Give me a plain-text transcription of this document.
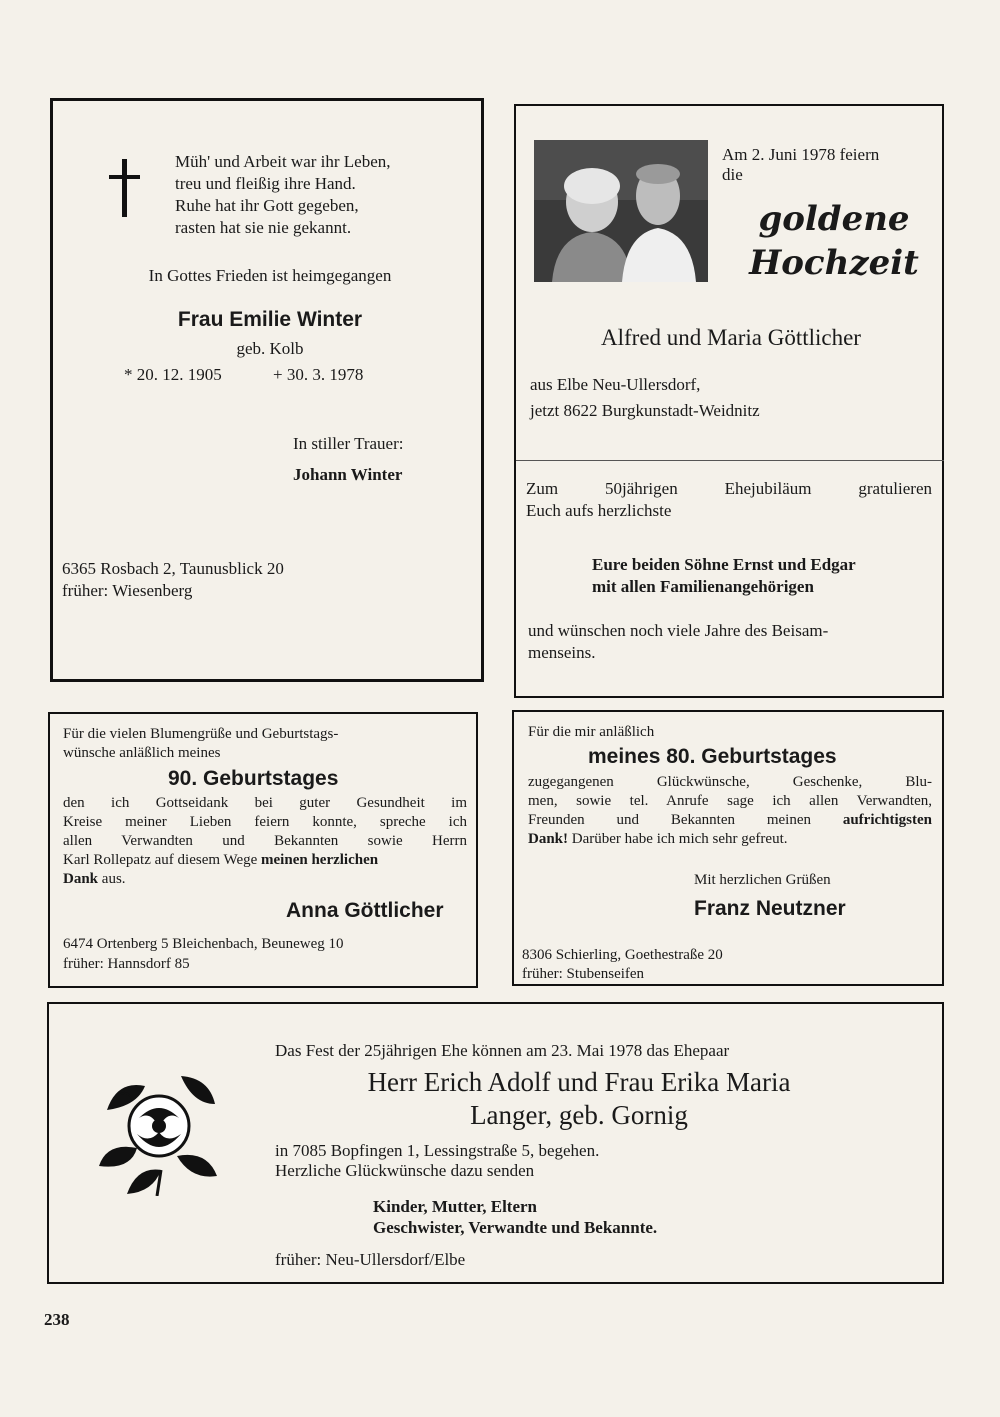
Müh' und Arbeit war ihr Leben,
treu und fleißig ihre Hand.
Ruhe hat ihr Gott gegeben,
rasten hat sie nie gekannt.
In Gottes Frieden ist heimgegangen
Frau Emilie Winter
geb. Kolb
* 20. 12. 1905	+ 30. 3. 1978
In stiller Trauer:
Johann Winter
6365 Rosbach 2, Taunusblick 20
früher: Wiesenberg
Am 2. Juni 1978 feiern
die
goldene
Hochzeit
Alfred und Maria Göttlicher
aus Elbe Neu-Ullersdorf,
jetzt 8622 Burgkunstadt-Weidnitz
Zum 50jährigen Ehejubiläum gratulieren
Euch aufs herzlichste
Eure beiden Söhne Ernst und Edgar
mit allen Familienangehörigen
und wünschen noch viele Jahre des Beisam-
menseins.
Für die vielen Blumengrüße und Geburtstags-
wünsche anläßlich meines
90. Geburtstages
den ich Gottseidank bei guter Gesundheit im
Kreise meiner Lieben feiern konnte, spreche ich
allen Verwandten und Bekannten sowie Herrn
Karl Rollepatz auf diesem Wege meinen herzlichen
Dank aus.
Anna Göttlicher
6474 Ortenberg 5 Bleichenbach, Beuneweg 10
früher: Hannsdorf 85
Für die mir anläßlich
meines 80. Geburtstages
zugegangenen Glückwünsche, Geschenke, Blu-
men, sowie tel. Anrufe sage ich allen Verwandten,
Freunden und Bekannten meinen aufrichtigsten
Dank! Darüber habe ich mich sehr gefreut.
Mit herzlichen Grüßen
Franz Neutzner
8306 Schierling, Goethestraße 20
früher: Stubenseifen
Das Fest der 25jährigen Ehe können am 23. Mai 1978 das Ehepaar
Herr Erich Adolf und Frau Erika Maria
Langer, geb. Gornig
in 7085 Bopfingen 1, Lessingstraße 5, begehen.
Herzliche Glückwünsche dazu senden
Kinder, Mutter, Eltern
Geschwister, Verwandte und Bekannte.
früher: Neu-Ullersdorf/Elbe
238
